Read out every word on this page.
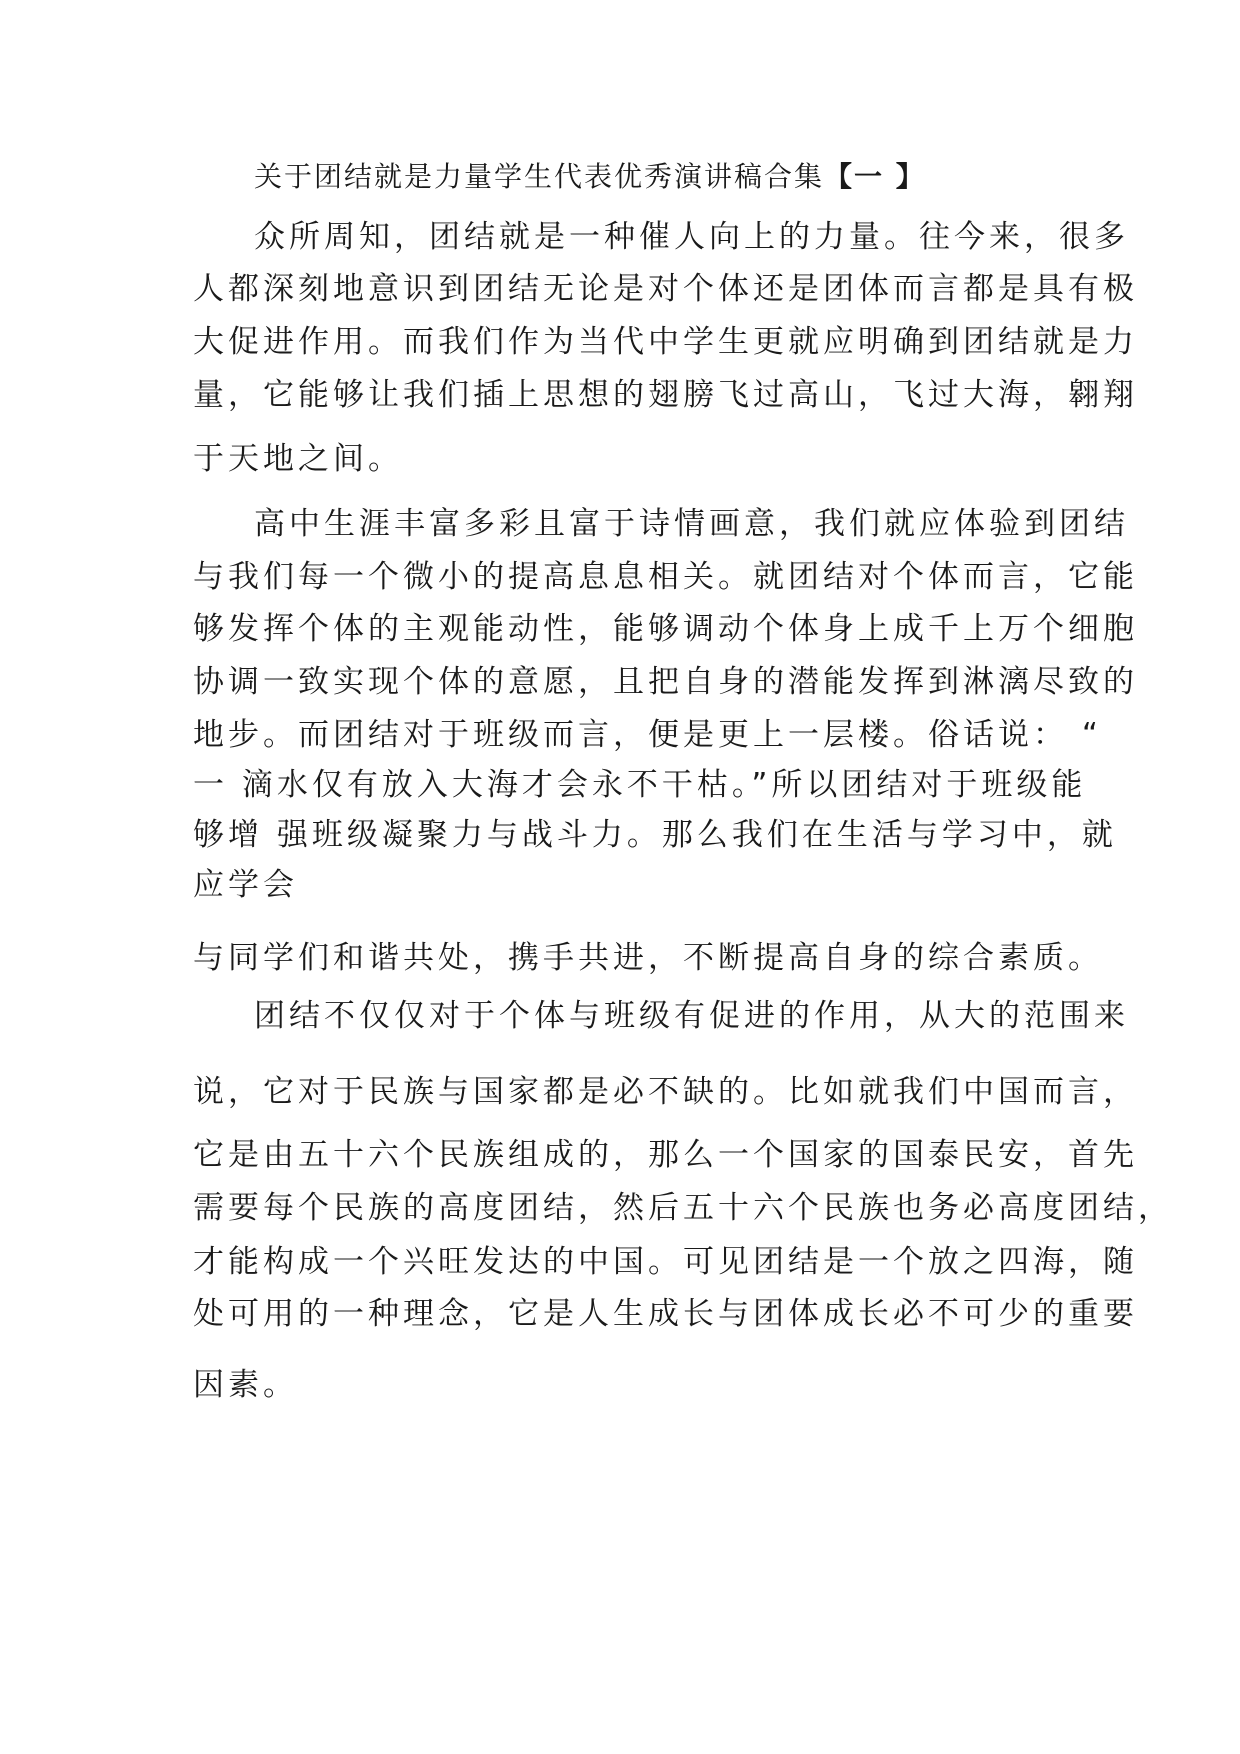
关于团结就是力量学生代表优秀演讲稿合集【一 】
众所周知，团结就是一种催人向上的力量。往今来，很多
人都深刻地意识到团结无论是对个体还是团体而言都是具有极
大促进作用。而我们作为当代中学生更就应明确到团结就是力
量，它能够让我们插上思想的翅膀飞过高山，飞过大海，翱翔
于天地之间。
高中生涯丰富多彩且富于诗情画意，我们就应体验到团结
与我们每一个微小的提高息息相关。就团结对个体而言，它能
够发挥个体的主观能动性，能够调动个体身上成千上万个细胞
协调一致实现个体的意愿，且把自身的潜能发挥到淋漓尽致的
地步。而团结对于班级而言，便是更上一层楼。俗话说： “
一 滴水仅有放入大海才会永不干枯。”所以团结对于班级能
够增 强班级凝聚力与战斗力。那么我们在生活与学习中，就
应学会
与同学们和谐共处，携手共进，不断提高自身的综合素质。
团结不仅仅对于个体与班级有促进的作用，从大的范围来
说，它对于民族与国家都是必不缺的。比如就我们中国而言，
它是由五十六个民族组成的，那么一个国家的国泰民安，首先
需要每个民族的高度团结，然后五十六个民族也务必高度团结，
才能构成一个兴旺发达的中国。可见团结是一个放之四海，随
处可用的一种理念，它是人生成长与团体成长必不可少的重要
因素。
